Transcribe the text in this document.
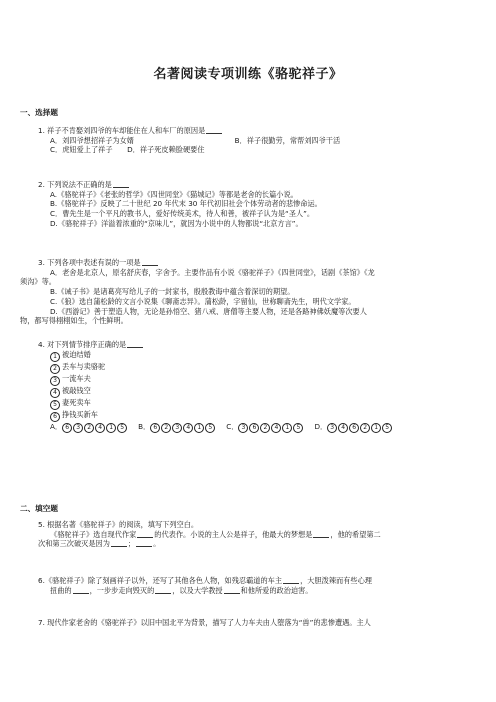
名著阅读专项训练《骆驼祥子》
一、选择题
1. 祥子不肯娶刘四爷的车却能住在人和车厂的原因是
A．刘四爷想招祥子为女婿	B．祥子很勤劳，常帮刘四爷干活
C．虎妞爱上了祥子 D．祥子死皮赖脸硬要住
2. 下列说法不正确的是
A.《骆驼祥子》《老张的哲学》《四世同堂》《猫城记》等都是老舍的长篇小说。
B.《骆驼祥子》反映了二十世纪 20 年代末 30 年代初旧社会个体劳动者的悲惨命运。
C．曹先生是一个平凡的教书人，爱好传统美术，待人和善，被祥子认为是“圣人”。
D.《骆驼祥子》洋溢着浓重的“京味儿”，就因为小说中的人物都说“北京方言”。
3. 下列各项中表述有误的一项是
A．老舍是北京人，原名舒庆春，字舍予。主要作品有小说《骆驼祥子》《四世同堂》，话剧《茶馆》《龙
须沟》等。
B.《诫子书》是诸葛亮写给儿子的一封家书，殷殷教诲中蕴含着深切的期望。
C.《狼》选自蒲松龄的文言小说集《聊斋志异》。蒲松龄，字留仙，世称聊斋先生，明代文学家。
D.《西游记》善于塑造人物，无论是孙悟空、猪八戒、唐僧等主要人物，还是各路神佛妖魔等次要人
物，都写得栩栩如生，个性鲜明。
4. 对下列情节排序正确的是
1 被迫结婚
2 丢车与卖骆驼
3 一流车夫
4 被敲钱空
5 妻死卖车
6 挣钱买新车
A． 6 3 2 4 1 5 B． 6 2 3 4 1 5 C． 3 6 2 4 1 5 D． 3 4 6 2 1 5
二、填空题
5. 根据名著《骆驼祥子》的阅读，填写下列空白。
《骆驼祥子》选自现代作家	的代表作。小说的主人公是祥子，他最大的梦想是	，他的希望第二
次和第三次破灭是因为	；	。
6.《骆驼祥子》除了刻画祥子以外，还写了其他各色人物，如残忍霸道的车主	，大胆泼辣而有些心理
扭曲的	，一步步走向毁灭的	，以及大学教授	和他所爱的政治迫害。
7. 现代作家老舍的《骆驼祥子》以旧中国北平为背景，描写了人力车夫由人堕落为“兽”的悲惨遭遇。主人
